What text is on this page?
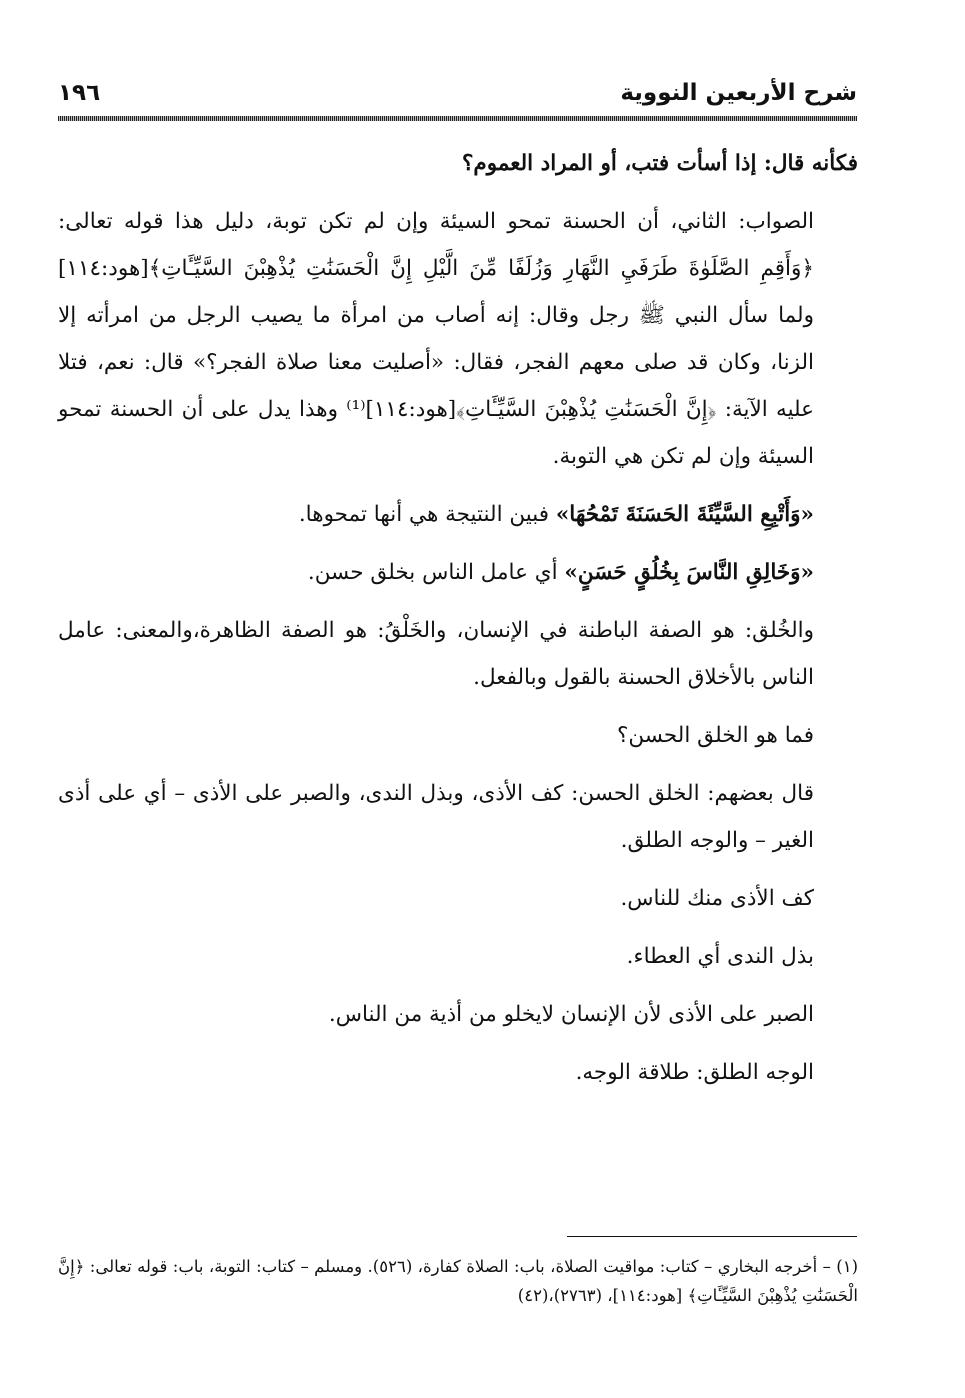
شرح الأربعين النووية
١٩٦

فكأنه قال: إذا أسأت فتب، أو المراد العموم؟

الصواب: الثاني، أن الحسنة تمحو السيئة وإن لم تكن توبة، دليل هذا قوله تعالى: ﴿وَأَقِمِ الصَّلَوٰةَ طَرَفَيِ النَّهَارِ وَزُلَفًا مِّنَ الَّيْلِ إِنَّ الْحَسَنَٰتِ يُذْهِبْنَ السَّيِّـَٔاتِ﴾[هود:١١٤] ولما سأل النبي ﷺ رجل وقال: إنه أصاب من امرأة ما يصيب الرجل من امرأته إلا الزنا، وكان قد صلى معهم الفجر، فقال: «أصليت معنا صلاة الفجر؟» قال: نعم، فتلا عليه الآية: ﴿إِنَّ الْحَسَنَٰتِ يُذْهِبْنَ السَّيِّـَٔاتِ﴾[هود:١١٤]⁽¹⁾ وهذا يدل على أن الحسنة تمحو السيئة وإن لم تكن هي التوبة.

«وَأَتْبِعِ السَّيِّئَةَ الحَسَنَةَ تَمْحُهَا» فبين النتيجة هي أنها تمحوها.

«وَخَالِقِ النَّاسَ بِخُلُقٍ حَسَنٍ» أي عامل الناس بخلق حسن.

والخُلق: هو الصفة الباطنة في الإنسان، والخَلْقُ: هو الصفة الظاهرة،والمعنى: عامل الناس بالأخلاق الحسنة بالقول وبالفعل.

فما هو الخلق الحسن؟

قال بعضهم: الخلق الحسن: كف الأذى، وبذل الندى، والصبر على الأذى – أي على أذى الغير – والوجه الطلق.

كف الأذى منك للناس.

بذل الندى أي العطاء.

الصبر على الأذى لأن الإنسان لايخلو من أذية من الناس.

الوجه الطلق: طلاقة الوجه.

(١) – أخرجه البخاري – كتاب: مواقيت الصلاة، باب: الصلاة كفارة، (٥٢٦). ومسلم – كتاب: التوبة، باب: قوله تعالى: ﴿إِنَّ الْحَسَنَٰتِ يُذْهِبْنَ السَّيِّـَٔاتِ﴾ [هود:١١٤]، (٢٧٦٣)،(٤٢)
